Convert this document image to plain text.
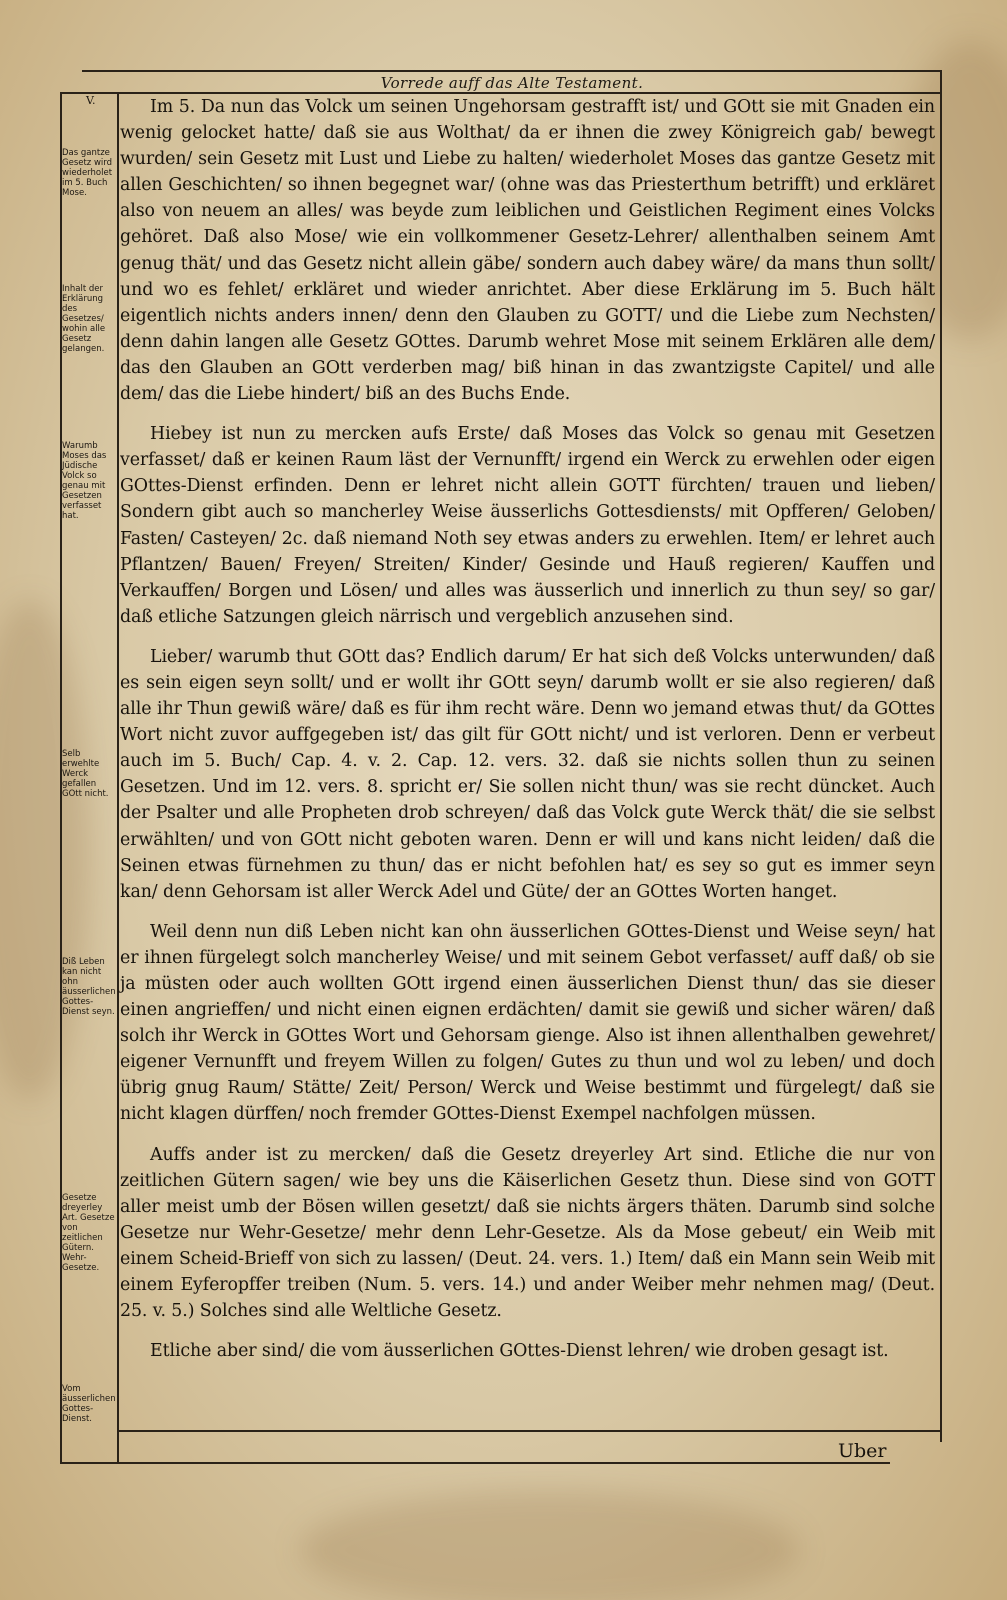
Vorrede auff das Alte Testament.
V.
Das gantze Gesetz wird wiederholet im 5. Buch Mose.
Inhalt der Erklärung des Gesetzes/ wohin alle Gesetz gelangen.
Warumb Moses das Jüdische Volck so genau mit Gesetzen verfasset hat.
Selb erwehlte Werck gefallen GOtt nicht.
Diß Leben kan nicht ohn äusserlichen Gottes-Dienst seyn.
Gesetze dreyerley Art. Gesetze von zeitlichen Gütern. Wehr-Gesetze.
Vom äusserlichen Gottes-Dienst.

Im 5. Da nun das Volck um seinen Ungehorsam gestrafft ist/ und GOtt sie mit Gnaden ein wenig gelocket hatte/ daß sie aus Wolthat/ da er ihnen die zwey Königreich gab/ bewegt wurden/ sein Gesetz mit Lust und Liebe zu halten/ wiederholet Moses das gantze Gesetz mit allen Geschichten/ so ihnen begegnet war/ (ohne was das Priesterthum betrifft) und erkläret also von neuem an alles/ was beyde zum leiblichen und Geistlichen Regiment eines Volcks gehöret. Daß also Mose/ wie ein vollkommener Gesetz-Lehrer/ allenthalben seinem Amt genug thät/ und das Gesetz nicht allein gäbe/ sondern auch dabey wäre/ da mans thun sollt/ und wo es fehlet/ erkläret und wieder anrichtet. Aber diese Erklärung im 5. Buch hält eigentlich nichts anders innen/ denn den Glauben zu GOTT/ und die Liebe zum Nechsten/ denn dahin langen alle Gesetz GOttes. Darumb wehret Mose mit seinem Erklären alle dem/ das den Glauben an GOtt verderben mag/ biß hinan in das zwantzigste Capitel/ und alle dem/ das die Liebe hindert/ biß an des Buchs Ende.

Hiebey ist nun zu mercken aufs Erste/ daß Moses das Volck so genau mit Gesetzen verfasset/ daß er keinen Raum läst der Vernunfft/ irgend ein Werck zu erwehlen oder eigen GOttes-Dienst erfinden. Denn er lehret nicht allein GOTT fürchten/ trauen und lieben/ Sondern gibt auch so mancherley Weise äusserlichs Gottesdiensts/ mit Opfferen/ Geloben/ Fasten/ Casteyen/ 2c. daß niemand Noth sey etwas anders zu erwehlen. Item/ er lehret auch Pflantzen/ Bauen/ Freyen/ Streiten/ Kinder/ Gesinde und Hauß regieren/ Kauffen und Verkauffen/ Borgen und Lösen/ und alles was äusserlich und innerlich zu thun sey/ so gar/ daß etliche Satzungen gleich närrisch und vergeblich anzusehen sind.

Lieber/ warumb thut GOtt das? Endlich darum/ Er hat sich deß Volcks unterwunden/ daß es sein eigen seyn sollt/ und er wollt ihr GOtt seyn/ darumb wollt er sie also regieren/ daß alle ihr Thun gewiß wäre/ daß es für ihm recht wäre. Denn wo jemand etwas thut/ da GOttes Wort nicht zuvor auffgegeben ist/ das gilt für GOtt nicht/ und ist verloren. Denn er verbeut auch im 5. Buch/ Cap. 4. v. 2. Cap. 12. vers. 32. daß sie nichts sollen thun zu seinen Gesetzen. Und im 12. vers. 8. spricht er/ Sie sollen nicht thun/ was sie recht düncket. Auch der Psalter und alle Propheten drob schreyen/ daß das Volck gute Werck thät/ die sie selbst erwählten/ und von GOtt nicht geboten waren. Denn er will und kans nicht leiden/ daß die Seinen etwas fürnehmen zu thun/ das er nicht befohlen hat/ es sey so gut es immer seyn kan/ denn Gehorsam ist aller Werck Adel und Güte/ der an GOttes Worten hanget.

Weil denn nun diß Leben nicht kan ohn äusserlichen GOttes-Dienst und Weise seyn/ hat er ihnen fürgelegt solch mancherley Weise/ und mit seinem Gebot verfasset/ auff daß/ ob sie ja müsten oder auch wollten GOtt irgend einen äusserlichen Dienst thun/ das sie dieser einen angrieffen/ und nicht einen eignen erdächten/ damit sie gewiß und sicher wären/ daß solch ihr Werck in GOttes Wort und Gehorsam gienge. Also ist ihnen allenthalben gewehret/ eigener Vernunfft und freyem Willen zu folgen/ Gutes zu thun und wol zu leben/ und doch übrig gnug Raum/ Stätte/ Zeit/ Person/ Werck und Weise bestimmt und fürgelegt/ daß sie nicht klagen dürffen/ noch fremder GOttes-Dienst Exempel nachfolgen müssen.

Auffs ander ist zu mercken/ daß die Gesetz dreyerley Art sind. Etliche die nur von zeitlichen Gütern sagen/ wie bey uns die Käiserlichen Gesetz thun. Diese sind von GOTT aller meist umb der Bösen willen gesetzt/ daß sie nichts ärgers thäten. Darumb sind solche Gesetze nur Wehr-Gesetze/ mehr denn Lehr-Gesetze. Als da Mose gebeut/ ein Weib mit einem Scheid-Brieff von sich zu lassen/ (Deut. 24. vers. 1.) Item/ daß ein Mann sein Weib mit einem Eyferopffer treiben (Num. 5. vers. 14.) und ander Weiber mehr nehmen mag/ (Deut. 25. v. 5.) Solches sind alle Weltliche Gesetz.

Etliche aber sind/ die vom äusserlichen GOttes-Dienst lehren/ wie droben gesagt ist.

Uber
